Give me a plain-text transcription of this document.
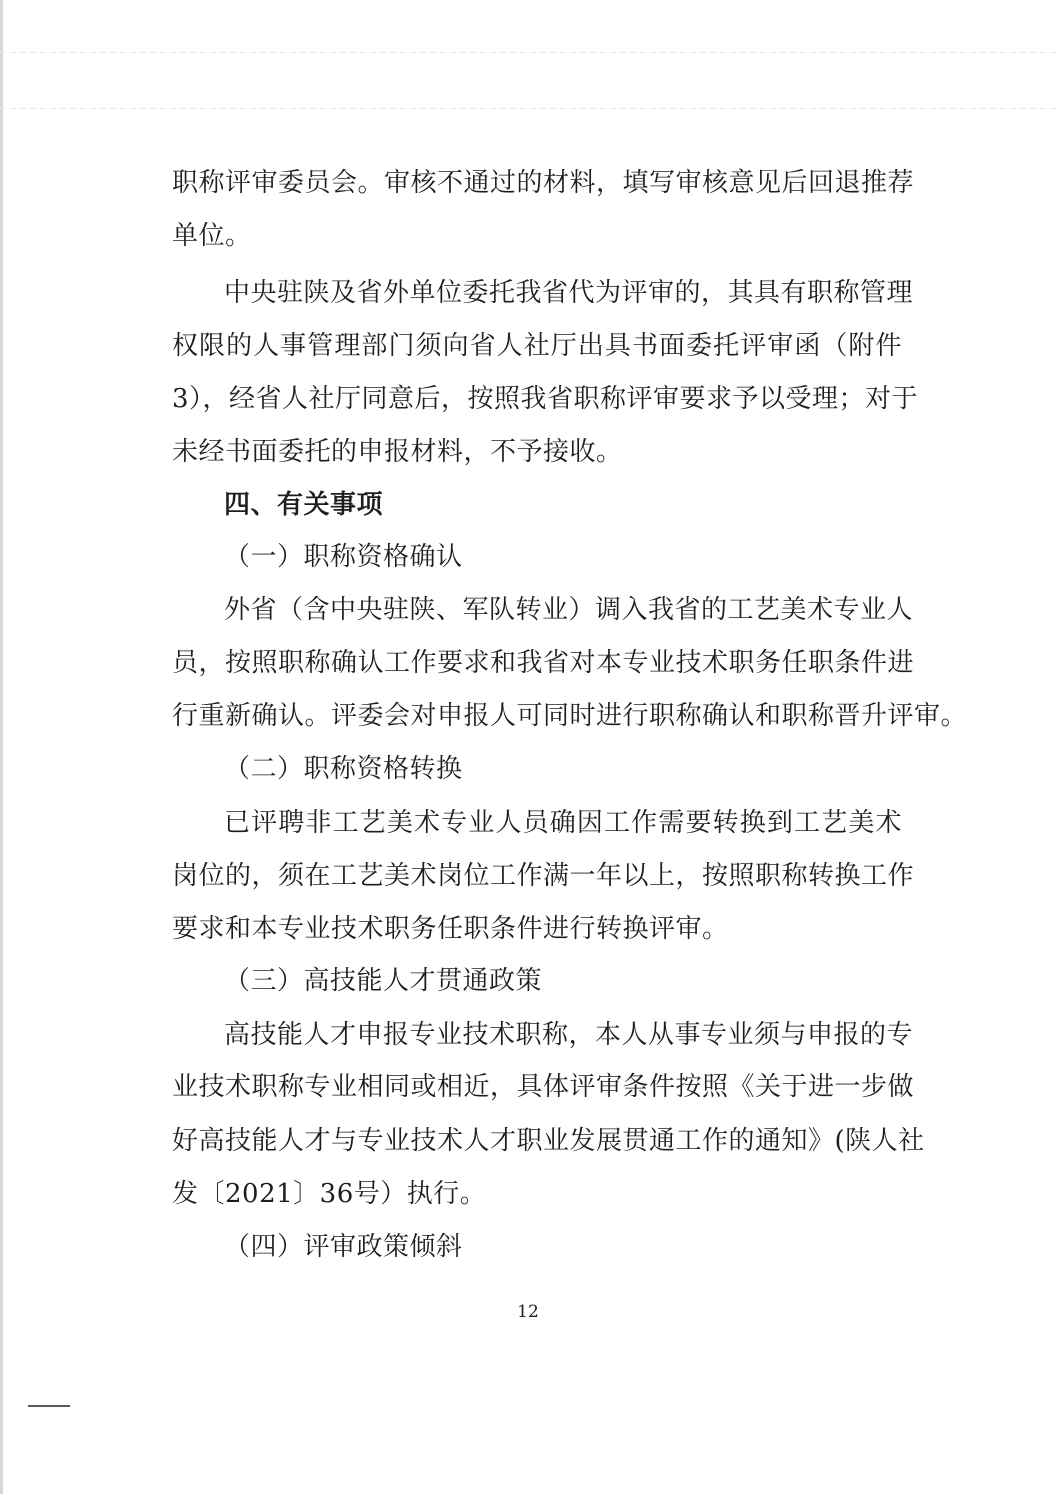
职称评审委员会。审核不通过的材料，填写审核意见后回退推荐
单位。
中央驻陕及省外单位委托我省代为评审的，其具有职称管理
权限的人事管理部门须向省人社厅出具书面委托评审函（附件
3），经省人社厅同意后，按照我省职称评审要求予以受理；对于
未经书面委托的申报材料，不予接收。
四、有关事项
（一）职称资格确认
外省（含中央驻陕、军队转业）调入我省的工艺美术专业人
员，按照职称确认工作要求和我省对本专业技术职务任职条件进
行重新确认。评委会对申报人可同时进行职称确认和职称晋升评审。
（二）职称资格转换
已评聘非工艺美术专业人员确因工作需要转换到工艺美术
岗位的，须在工艺美术岗位工作满一年以上，按照职称转换工作
要求和本专业技术职务任职条件进行转换评审。
（三）高技能人才贯通政策
高技能人才申报专业技术职称，本人从事专业须与申报的专
业技术职称专业相同或相近，具体评审条件按照《关于进一步做
好高技能人才与专业技术人才职业发展贯通工作的通知》(陕人社
发〔2021〕36号）执行。
（四）评审政策倾斜
12
